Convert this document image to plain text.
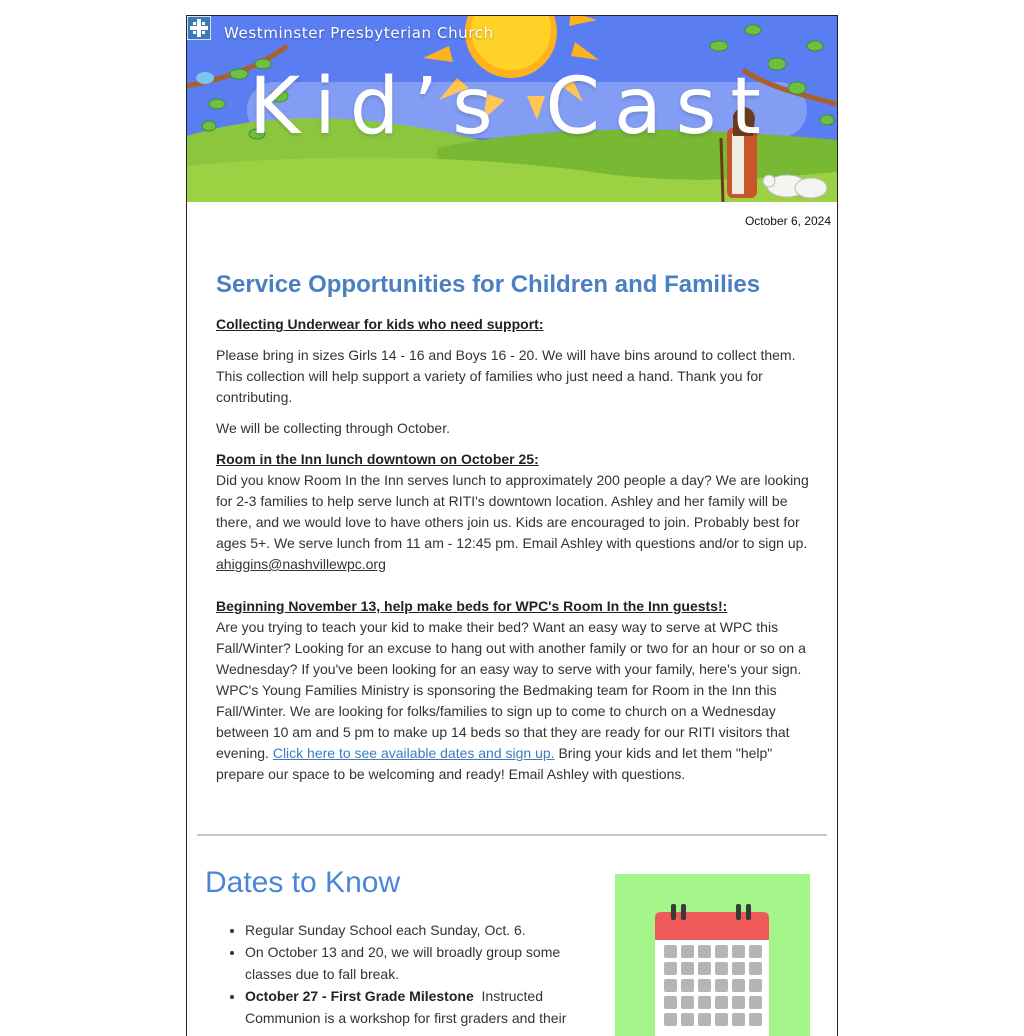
Westminster Presbyterian Church
Kid’s Cast
October 6, 2024
Service Opportunities for Children and Families

Collecting Underwear for kids who need support:

Please bring in sizes Girls 14 - 16 and Boys 16 - 20. We will have bins around to collect them. This collection will help support a variety of families who just need a hand. Thank you for contributing.

We will be collecting through October.

Room in the Inn lunch downtown on October 25:
Did you know Room In the Inn serves lunch to approximately 200 people a day? We are looking for 2-3 families to help serve lunch at RITI's downtown location. Ashley and her family will be there, and we would love to have others join us. Kids are encouraged to join. Probably best for ages 5+. We serve lunch from 11 am - 12:45 pm. Email Ashley with questions and/or to sign up. ahiggins@nashvillewpc.org

Beginning November 13, help make beds for WPC's Room In the Inn guests!:
Are you trying to teach your kid to make their bed? Want an easy way to serve at WPC this Fall/Winter? Looking for an excuse to hang out with another family or two for an hour or so on a Wednesday? If you've been looking for an easy way to serve with your family, here's your sign. WPC's Young Families Ministry is sponsoring the Bedmaking team for Room in the Inn this Fall/Winter. We are looking for folks/families to sign up to come to church on a Wednesday between 10 am and 5 pm to make up 14 beds so that they are ready for our RITI visitors that evening. Click here to see available dates and sign up. Bring your kids and let them "help" prepare our space to be welcoming and ready! Email Ashley with questions.

Dates to Know
• Regular Sunday School each Sunday, Oct. 6.
• On October 13 and 20, we will broadly group some classes due to fall break.
• October 27 - First Grade Milestone Instructed Communion is a workshop for first graders and their
